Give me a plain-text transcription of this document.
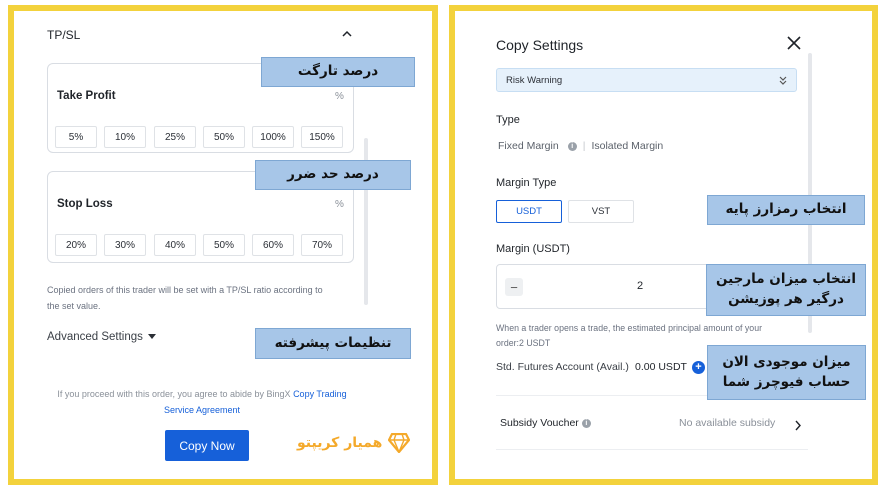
TP/SL
Take Profit	%
5%	10%	25%	50%	100%	150%
Stop Loss	%
20%	30%	40%	50%	60%	70%
Copied orders of this trader will be set with a TP/SL ratio according to
the set value.
Advanced Settings
If you proceed with this order, you agree to abide by BingX Copy Trading
Service Agreement
Copy Now	همیار کریپتو
درصد تارگت
درصد حد ضرر
تنظیمات پیشرفته
Copy Settings
Risk Warning
Type
Fixed Margin	i | Isolated Margin
Margin Type
USDT	VST
Margin (USDT)
−	2
When a trader opens a trade, the estimated principal amount of your
order:2 USDT
Std. Futures Account (Avail.) 0.00 USDT +
Subsidy Voucher i	No available subsidy
انتخاب رمزارز پایه
انتخاب میزان مارجین
درگیر هر پوزیشن
میزان موجودی الان
حساب فیوچرز شما
